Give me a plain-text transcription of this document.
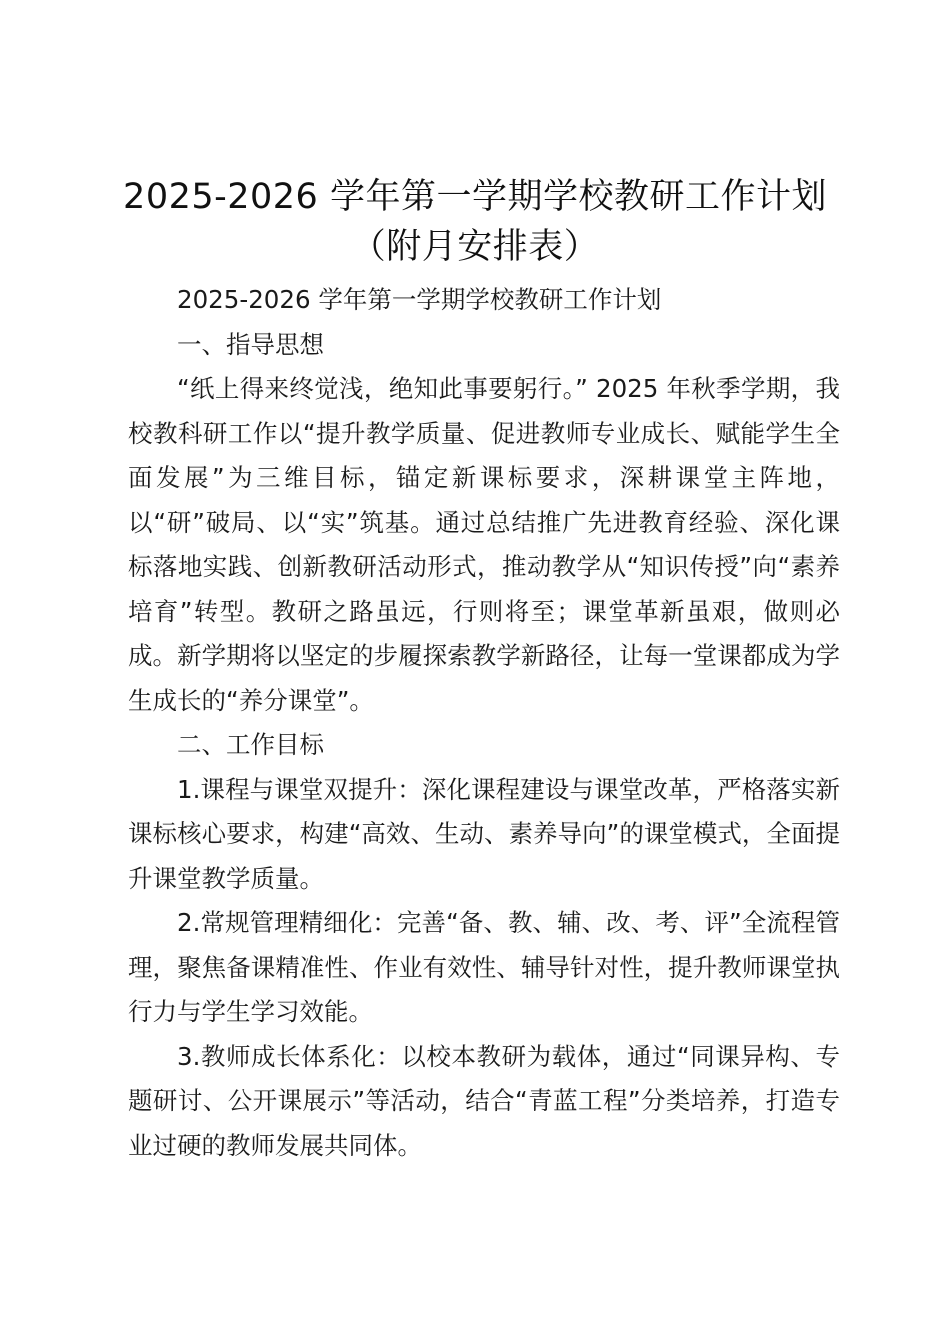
2025-2026 学年第一学期学校教研工作计划
（附月安排表）

2025-2026 学年第一学期学校教研工作计划

一、指导思想

“纸上得来终觉浅，绝知此事要躬行。” 2025 年秋季学期，我校教科研工作以“提升教学质量、促进教师专业成长、赋能学生全面发展”为三维目标，锚定新课标要求，深耕课堂主阵地，以“研”破局、以“实”筑基。通过总结推广先进教育经验、深化课标落地实践、创新教研活动形式，推动教学从“知识传授”向“素养培育”转型。教研之路虽远，行则将至；课堂革新虽艰，做则必成。新学期将以坚定的步履探索教学新路径，让每一堂课都成为学生成长的“养分课堂”。

二、工作目标

1.课程与课堂双提升：深化课程建设与课堂改革，严格落实新课标核心要求，构建“高效、生动、素养导向”的课堂模式，全面提升课堂教学质量。

2.常规管理精细化：完善“备、教、辅、改、考、评”全流程管理，聚焦备课精准性、作业有效性、辅导针对性，提升教师课堂执行力与学生学习效能。

3.教师成长体系化：以校本教研为载体，通过“同课异构、专题研讨、公开课展示”等活动，结合“青蓝工程”分类培养，打造专业过硬的教师发展共同体。
